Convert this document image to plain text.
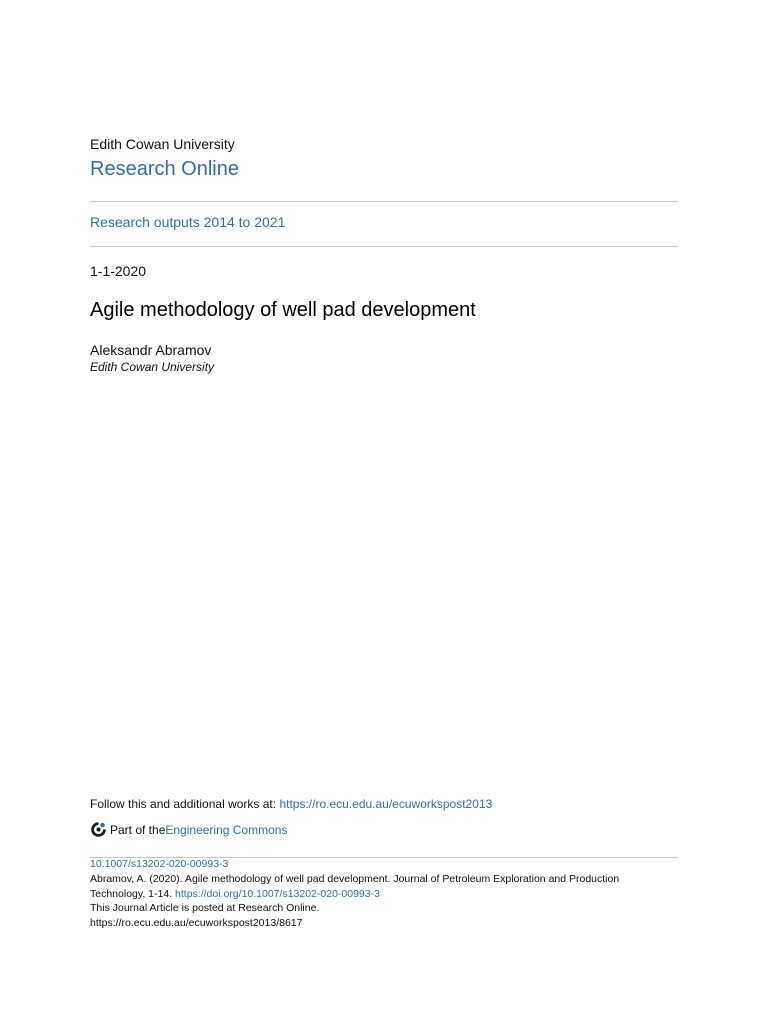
Edith Cowan University
Research Online
Research outputs 2014 to 2021
1-1-2020
Agile methodology of well pad development
Aleksandr Abramov
Edith Cowan University
Follow this and additional works at: https://ro.ecu.edu.au/ecuworkspost2013
Part of the Engineering Commons
10.1007/s13202-020-00993-3
Abramov, A. (2020). Agile methodology of well pad development. Journal of Petroleum Exploration and Production
Technology, 1-14. https://doi.org/10.1007/s13202-020-00993-3
This Journal Article is posted at Research Online.
https://ro.ecu.edu.au/ecuworkspost2013/8617
